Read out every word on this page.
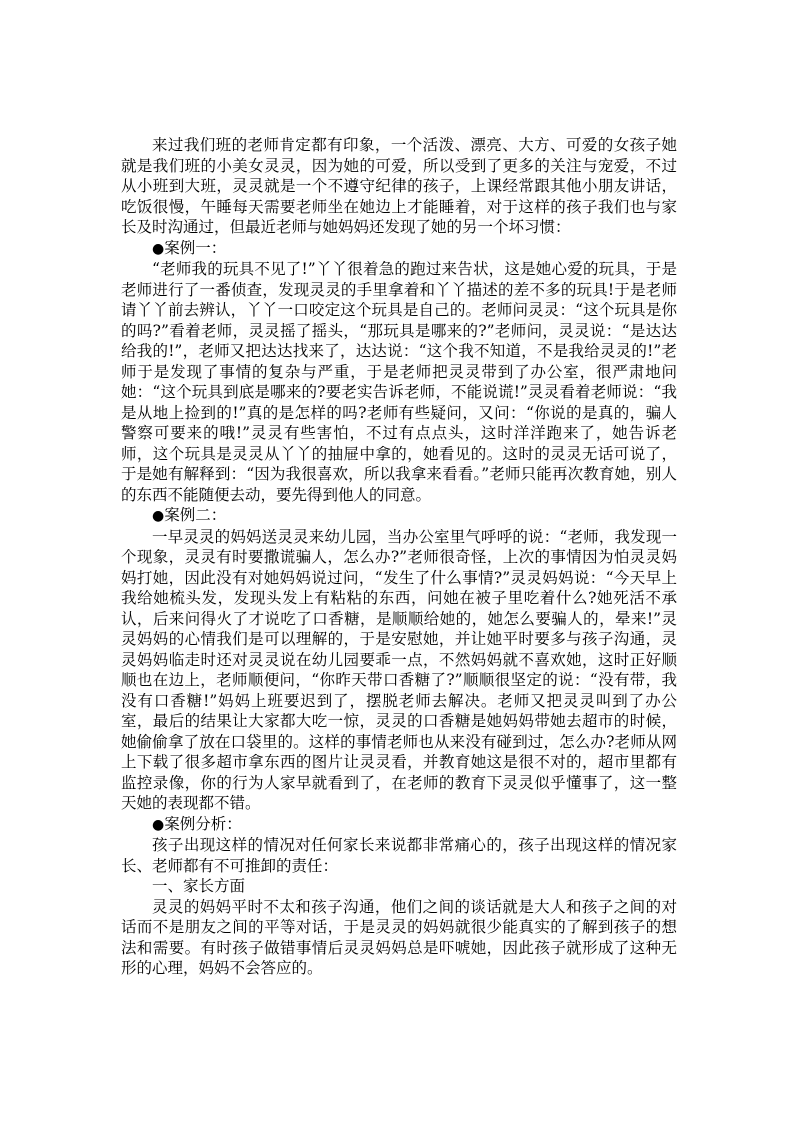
来过我们班的老师肯定都有印象，一个活泼、漂亮、大方、可爱的女孩子她就是我们班的小美女灵灵，因为她的可爱，所以受到了更多的关注与宠爱，不过从小班到大班，灵灵就是一个不遵守纪律的孩子，上课经常跟其他小朋友讲话，吃饭很慢，午睡每天需要老师坐在她边上才能睡着，对于这样的孩子我们也与家长及时沟通过，但最近老师与她妈妈还发现了她的另一个坏习惯：

●案例一：

“老师我的玩具不见了!”丫丫很着急的跑过来告状，这是她心爱的玩具，于是老师进行了一番侦查，发现灵灵的手里拿着和丫丫描述的差不多的玩具!于是老师请丫丫前去辨认，丫丫一口咬定这个玩具是自己的。老师问灵灵：“这个玩具是你的吗?”看着老师，灵灵摇了摇头，“那玩具是哪来的?”老师问，灵灵说：“是达达给我的!”，老师又把达达找来了，达达说：“这个我不知道，不是我给灵灵的!”老师于是发现了事情的复杂与严重，于是老师把灵灵带到了办公室，很严肃地问她：“这个玩具到底是哪来的?要老实告诉老师，不能说谎!”灵灵看着老师说：“我是从地上捡到的!”真的是怎样的吗?老师有些疑问，又问：“你说的是真的，骗人警察可要来的哦!”灵灵有些害怕，不过有点点头，这时洋洋跑来了，她告诉老师，这个玩具是灵灵从丫丫的抽屉中拿的，她看见的。这时的灵灵无话可说了，于是她有解释到：“因为我很喜欢，所以我拿来看看。”老师只能再次教育她，别人的东西不能随便去动，要先得到他人的同意。

●案例二：

一早灵灵的妈妈送灵灵来幼儿园，当办公室里气呼呼的说：“老师，我发现一个现象，灵灵有时要撒谎骗人，怎么办?”老师很奇怪，上次的事情因为怕灵灵妈妈打她，因此没有对她妈妈说过问，“发生了什么事情?”灵灵妈妈说：“今天早上我给她梳头发，发现头发上有粘粘的东西，问她在被子里吃着什么?她死活不承认，后来问得火了才说吃了口香糖，是顺顺给她的，她怎么要骗人的，晕来!”灵灵妈妈的心情我们是可以理解的，于是安慰她，并让她平时要多与孩子沟通，灵灵妈妈临走时还对灵灵说在幼儿园要乖一点，不然妈妈就不喜欢她，这时正好顺顺也在边上，老师顺便问，“你昨天带口香糖了?”顺顺很坚定的说：“没有带，我没有口香糖!”妈妈上班要迟到了，摆脱老师去解决。老师又把灵灵叫到了办公室，最后的结果让大家都大吃一惊，灵灵的口香糖是她妈妈带她去超市的时候，她偷偷拿了放在口袋里的。这样的事情老师也从来没有碰到过，怎么办?老师从网上下载了很多超市拿东西的图片让灵灵看，并教育她这是很不对的，超市里都有监控录像，你的行为人家早就看到了，在老师的教育下灵灵似乎懂事了，这一整天她的表现都不错。

●案例分析：

孩子出现这样的情况对任何家长来说都非常痛心的，孩子出现这样的情况家长、老师都有不可推卸的责任：

一、家长方面

灵灵的妈妈平时不太和孩子沟通，他们之间的谈话就是大人和孩子之间的对话而不是朋友之间的平等对话，于是灵灵的妈妈就很少能真实的了解到孩子的想法和需要。有时孩子做错事情后灵灵妈妈总是吓唬她，因此孩子就形成了这种无形的心理，妈妈不会答应的。
